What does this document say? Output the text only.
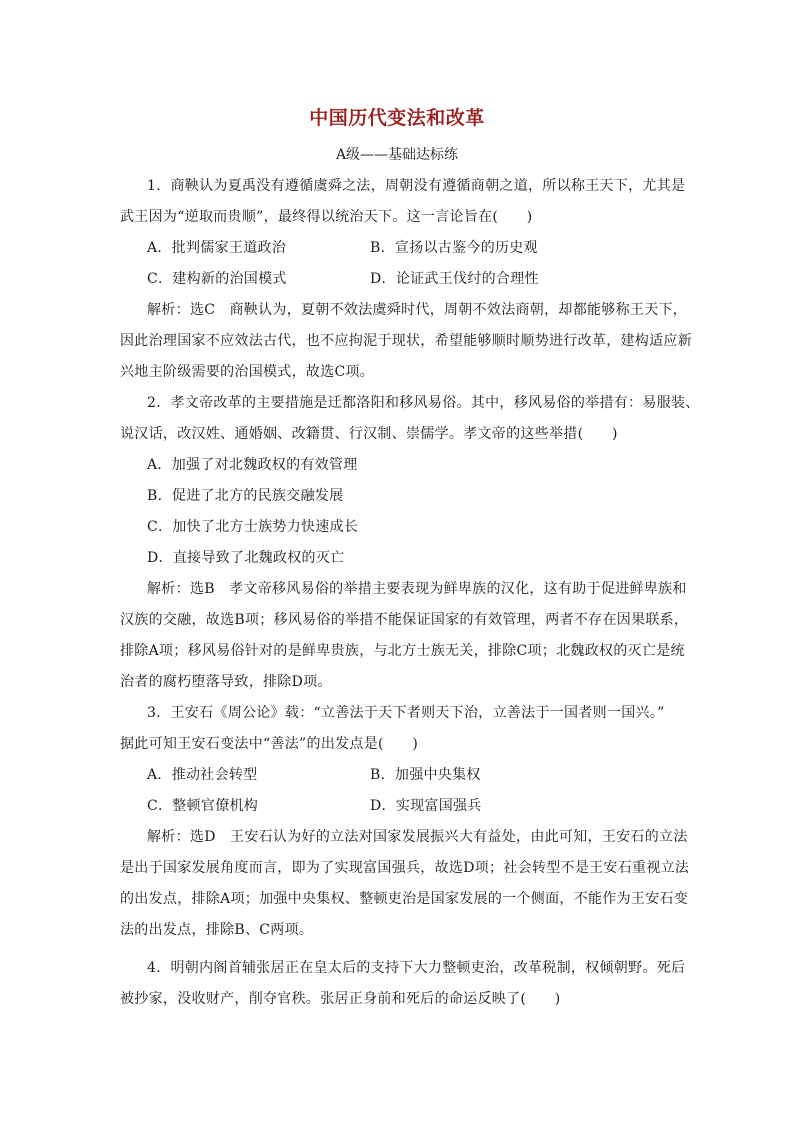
中国历代变法和改革
A级——基础达标练
1．商鞅认为夏禹没有遵循虞舜之法，周朝没有遵循商朝之道，所以称王天下，尤其是
武王因为“逆取而贵顺”，最终得以统治天下。这一言论旨在(　　)
A．批判儒家王道政治	B．宣扬以古鉴今的历史观
C．建构新的治国模式	D．论证武王伐纣的合理性
解析：选C　商鞅认为，夏朝不效法虞舜时代，周朝不效法商朝，却都能够称王天下，
因此治理国家不应效法古代，也不应拘泥于现状，希望能够顺时顺势进行改革，建构适应新
兴地主阶级需要的治国模式，故选C项。
2．孝文帝改革的主要措施是迁都洛阳和移风易俗。其中，移风易俗的举措有：易服装、
说汉话，改汉姓、通婚姻、改籍贯、行汉制、崇儒学。孝文帝的这些举措(　　)
A．加强了对北魏政权的有效管理
B．促进了北方的民族交融发展
C．加快了北方士族势力快速成长
D．直接导致了北魏政权的灭亡
解析：选B　孝文帝移风易俗的举措主要表现为鲜卑族的汉化，这有助于促进鲜卑族和
汉族的交融，故选B项；移风易俗的举措不能保证国家的有效管理，两者不存在因果联系，
排除A项；移风易俗针对的是鲜卑贵族，与北方士族无关，排除C项；北魏政权的灭亡是统
治者的腐朽堕落导致，排除D项。
3．王安石《周公论》载：“立善法于天下者则天下治，立善法于一国者则一国兴。”
据此可知王安石变法中“善法”的出发点是(　　)
A．推动社会转型	B．加强中央集权
C．整顿官僚机构	D．实现富国强兵
解析：选D　王安石认为好的立法对国家发展振兴大有益处，由此可知，王安石的立法
是出于国家发展角度而言，即为了实现富国强兵，故选D项；社会转型不是王安石重视立法
的出发点，排除A项；加强中央集权、整顿吏治是国家发展的一个侧面，不能作为王安石变
法的出发点，排除B、C两项。
4．明朝内阁首辅张居正在皇太后的支持下大力整顿吏治，改革税制，权倾朝野。死后
被抄家，没收财产，削夺官秩。张居正身前和死后的命运反映了(　　)
